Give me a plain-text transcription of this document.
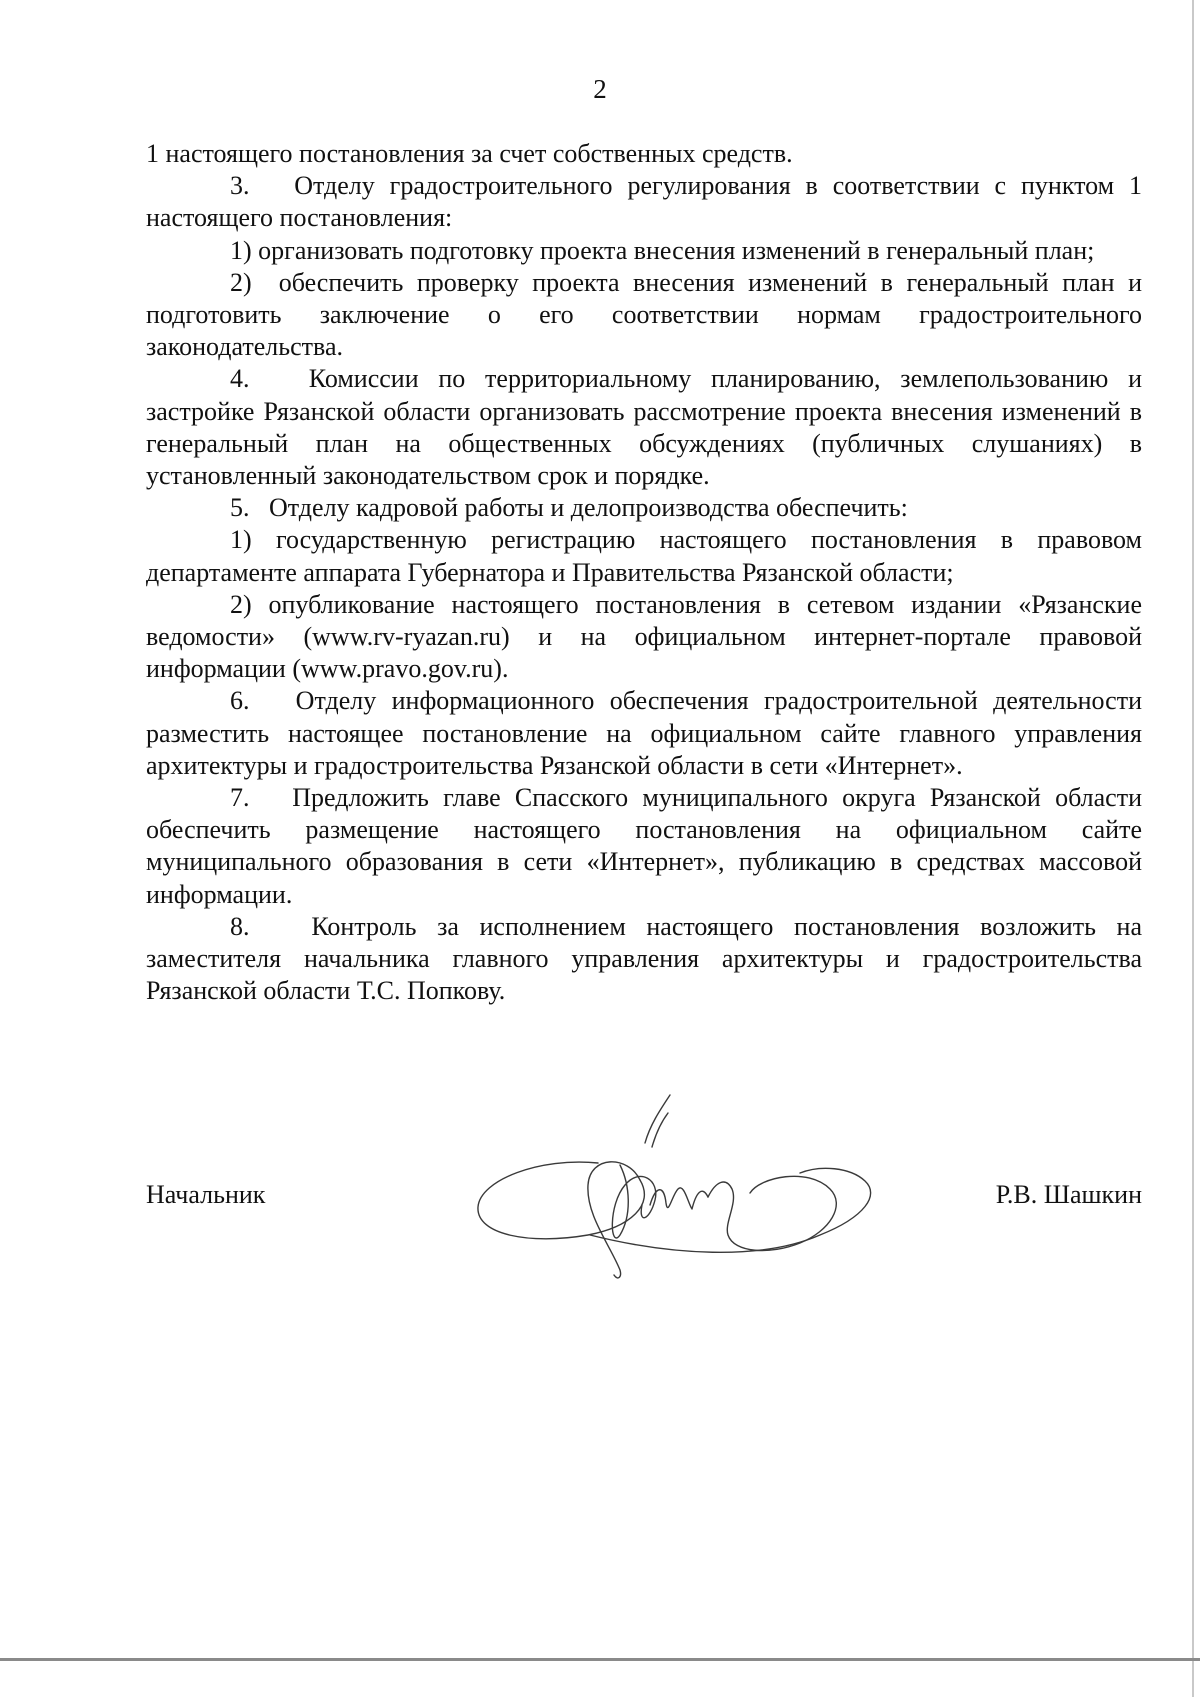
2

1 настоящего постановления за счет собственных средств.

3.   Отделу градостроительного регулирования в соответствии с пунктом 1 настоящего постановления:

1) организовать подготовку проекта внесения изменений в генеральный план;

2)  обеспечить проверку проекта внесения изменений в генеральный план и подготовить заключение о его соответствии нормам градостроительного законодательства.

4.   Комиссии по территориальному планированию, землепользованию и застройке Рязанской области организовать рассмотрение проекта внесения изменений в генеральный план на общественных обсуждениях (публичных слушаниях) в установленный законодательством срок и порядке.

5.   Отделу кадровой работы и делопроизводства обеспечить:

1) государственную регистрацию настоящего постановления в правовом департаменте аппарата Губернатора и Правительства Рязанской области;

2) опубликование настоящего постановления в сетевом издании «Рязанские ведомости» (www.rv-ryazan.ru) и на официальном интернет-портале правовой информации (www.pravo.gov.ru).

6.   Отделу информационного обеспечения градостроительной деятельности разместить настоящее постановление на официальном сайте главного управления архитектуры и градостроительства Рязанской области в сети «Интернет».

7.   Предложить главе Спасского муниципального округа Рязанской области обеспечить размещение настоящего постановления на официальном сайте муниципального образования в сети «Интернет», публикацию в средствах массовой информации.

8.   Контроль за исполнением настоящего постановления возложить на заместителя начальника главного управления архитектуры и градостроительства Рязанской области Т.С. Попкову.

Начальник	Р.В. Шашкин
